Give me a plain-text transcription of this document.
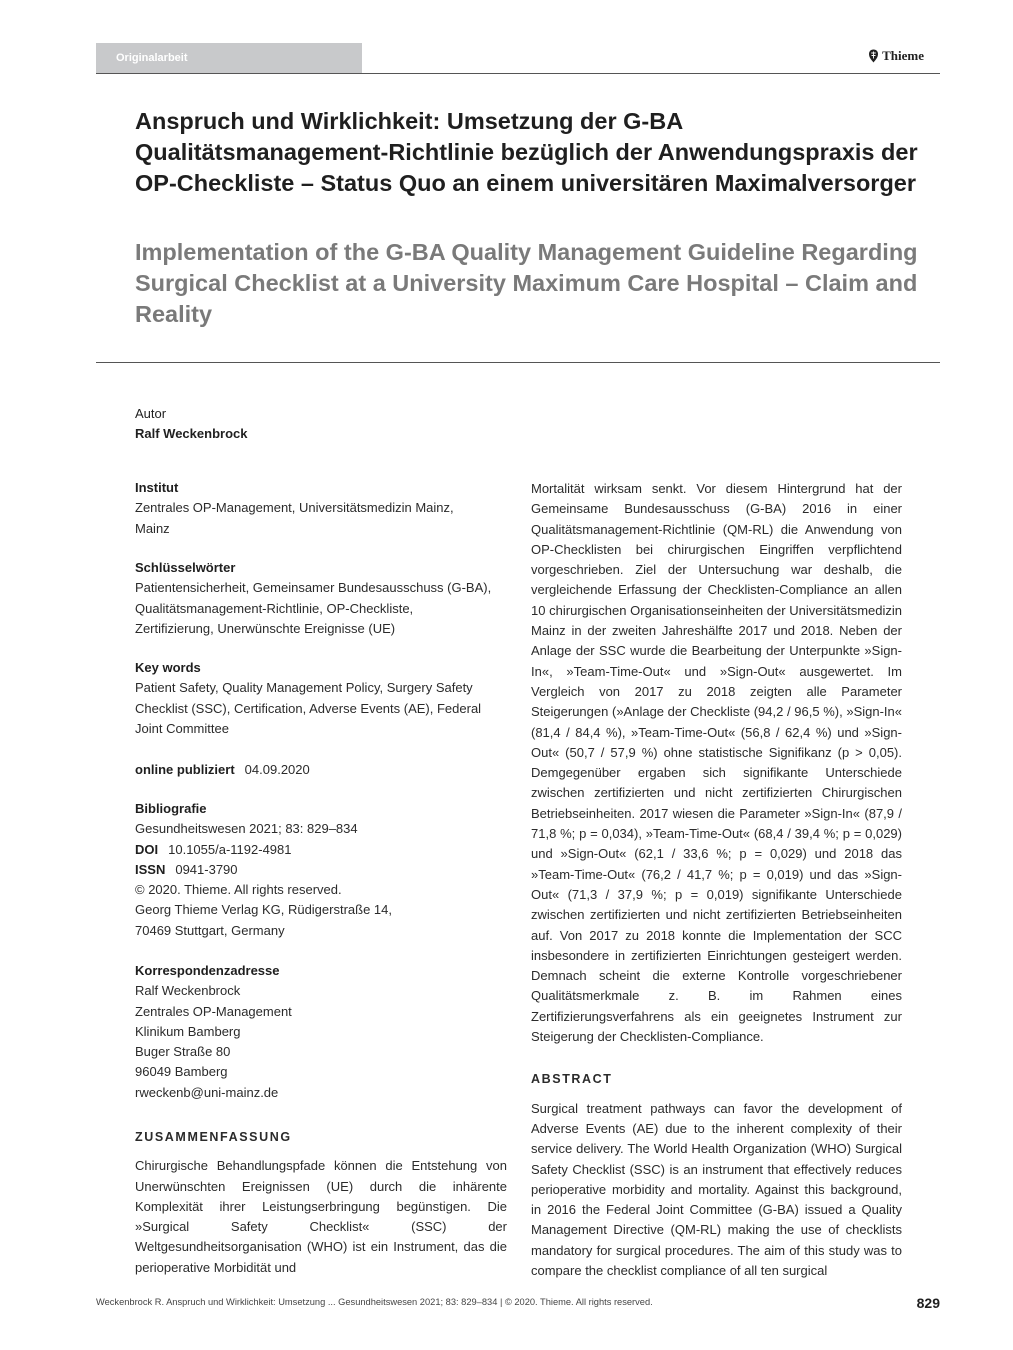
Originalarbeit	Thieme
Anspruch und Wirklichkeit: Umsetzung der G-BA Qualitätsmanagement-Richtlinie bezüglich der Anwendungspraxis der OP-Checkliste – Status Quo an einem universitären Maximalversorger
Implementation of the G-BA Quality Management Guideline Regarding Surgical Checklist at a University Maximum Care Hospital – Claim and Reality
Autor
Ralf Weckenbrock
Institut
Zentrales OP-Management, Universitätsmedizin Mainz,
Mainz
Schlüsselwörter
Patientensicherheit, Gemeinsamer Bundesausschuss (G-BA),
Qualitätsmanagement-Richtlinie, OP-Checkliste,
Zertifizierung, Unerwünschte Ereignisse (UE)
Key words
Patient Safety, Quality Management Policy, Surgery Safety
Checklist (SSC), Certification, Adverse Events (AE), Federal
Joint Committee
online publiziert 04.09.2020
Bibliografie
Gesundheitswesen 2021; 83: 829–834
DOI 10.1055/a-1192-4981
ISSN 0941-3790
© 2020. Thieme. All rights reserved.
Georg Thieme Verlag KG, Rüdigerstraße 14,
70469 Stuttgart, Germany
Korrespondenzadresse
Ralf Weckenbrock
Zentrales OP-Management
Klinikum Bamberg
Buger Straße 80
96049 Bamberg
rweckenb@uni-mainz.de
ZUSAMMENFASSUNG

Chirurgische Behandlungspfade können die Entstehung von Unerwünschten Ereignissen (UE) durch die inhärente Komplexität ihrer Leistungserbringung begünstigen. Die »Surgical Safety Checklist« (SSC) der Weltgesundheitsorganisation (WHO) ist ein Instrument, das die perioperative Morbidität und

Mortalität wirksam senkt. Vor diesem Hintergrund hat der Gemeinsame Bundesausschuss (G-BA) 2016 in einer Qualitätsmanagement-Richtlinie (QM-RL) die Anwendung von OP-Checklisten bei chirurgischen Eingriffen verpflichtend vorgeschrieben. Ziel der Untersuchung war deshalb, die vergleichende Erfassung der Checklisten-Compliance an allen 10 chirurgischen Organisationseinheiten der Universitätsmedizin Mainz in der zweiten Jahreshälfte 2017 und 2018. Neben der Anlage der SSC wurde die Bearbeitung der Unterpunkte »Sign-In«, »Team-Time-Out« und »Sign-Out« ausgewertet. Im Vergleich von 2017 zu 2018 zeigten alle Parameter Steigerungen (»Anlage der Checkliste (94,2 / 96,5 %), »Sign-In« (81,4 / 84,4 %), »Team-Time-Out« (56,8 / 62,4 %) und »Sign-Out« (50,7 / 57,9 %) ohne statistische Signifikanz (p > 0,05). Demgegenüber ergaben sich signifikante Unterschiede zwischen zertifizierten und nicht zertifizierten Chirurgischen Betriebseinheiten. 2017 wiesen die Parameter »Sign-In« (87,9 / 71,8 %; p = 0,034), »Team-Time-Out« (68,4 / 39,4 %; p = 0,029) und »Sign-Out« (62,1 / 33,6 %; p = 0,029) und 2018 das »Team-Time-Out« (76,2 / 41,7 %; p = 0,019) und das »Sign-Out« (71,3 / 37,9 %; p = 0,019) signifikante Unterschiede zwischen zertifizierten und nicht zertifizierten Betriebseinheiten auf. Von 2017 zu 2018 konnte die Implementation der SCC insbesondere in zertifizierten Einrichtungen gesteigert werden. Demnach scheint die externe Kontrolle vorgeschriebener Qualitätsmerkmale z. B. im Rahmen eines Zertifizierungsverfahrens als ein geeignetes Instrument zur Steigerung der Checklisten-Compliance.

ABSTRACT

Surgical treatment pathways can favor the development of Adverse Events (AE) due to the inherent complexity of their service delivery. The World Health Organization (WHO) Surgical Safety Checklist (SSC) is an instrument that effectively reduces perioperative morbidity and mortality. Against this background, in 2016 the Federal Joint Committee (G-BA) issued a Quality Management Directive (QM-RL) making the use of checklists mandatory for surgical procedures. The aim of this study was to compare the checklist compliance of all ten surgical

Weckenbrock R. Anspruch und Wirklichkeit: Umsetzung ... Gesundheitswesen 2021; 83: 829–834 | © 2020. Thieme. All rights reserved.	829
